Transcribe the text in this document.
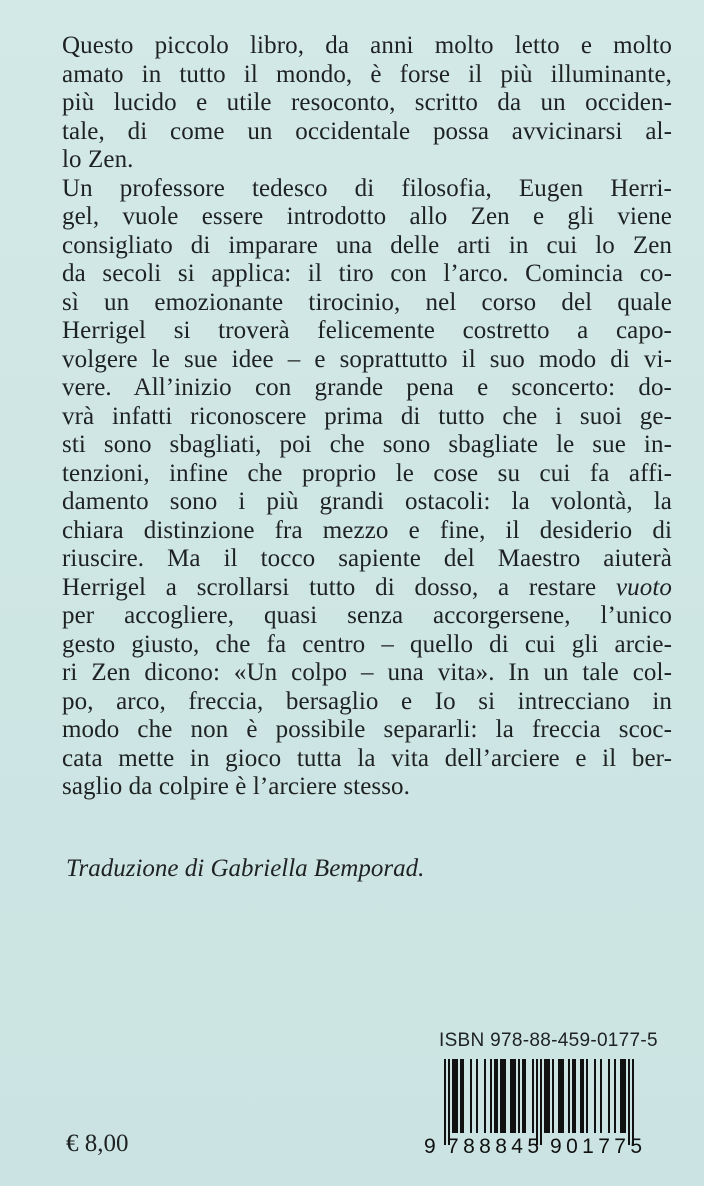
Questo piccolo libro, da anni molto letto e molto
amato in tutto il mondo, è forse il più illuminante,
più lucido e utile resoconto, scritto da un occiden-
tale, di come un occidentale possa avvicinarsi al-
lo Zen.
Un professore tedesco di filosofia, Eugen Herri-
gel, vuole essere introdotto allo Zen e gli viene
consigliato di imparare una delle arti in cui lo Zen
da secoli si applica: il tiro con l’arco. Comincia co-
sì un emozionante tirocinio, nel corso del quale
Herrigel si troverà felicemente costretto a capo-
volgere le sue idee – e soprattutto il suo modo di vi-
vere. All’inizio con grande pena e sconcerto: do-
vrà infatti riconoscere prima di tutto che i suoi ge-
sti sono sbagliati, poi che sono sbagliate le sue in-
tenzioni, infine che proprio le cose su cui fa affi-
damento sono i più grandi ostacoli: la volontà, la
chiara distinzione fra mezzo e fine, il desiderio di
riuscire. Ma il tocco sapiente del Maestro aiuterà
Herrigel a scrollarsi tutto di dosso, a restare vuoto
per accogliere, quasi senza accorgersene, l’unico
gesto giusto, che fa centro – quello di cui gli arcie-
ri Zen dicono: «Un colpo – una vita». In un tale col-
po, arco, freccia, bersaglio e Io si intrecciano in
modo che non è possibile separarli: la freccia scoc-
cata mette in gioco tutta la vita dell’arciere e il ber-
saglio da colpire è l’arciere stesso.
Traduzione di Gabriella Bemporad.
ISBN 978-88-459-0177-5
9 788845 901775
€ 8,00
